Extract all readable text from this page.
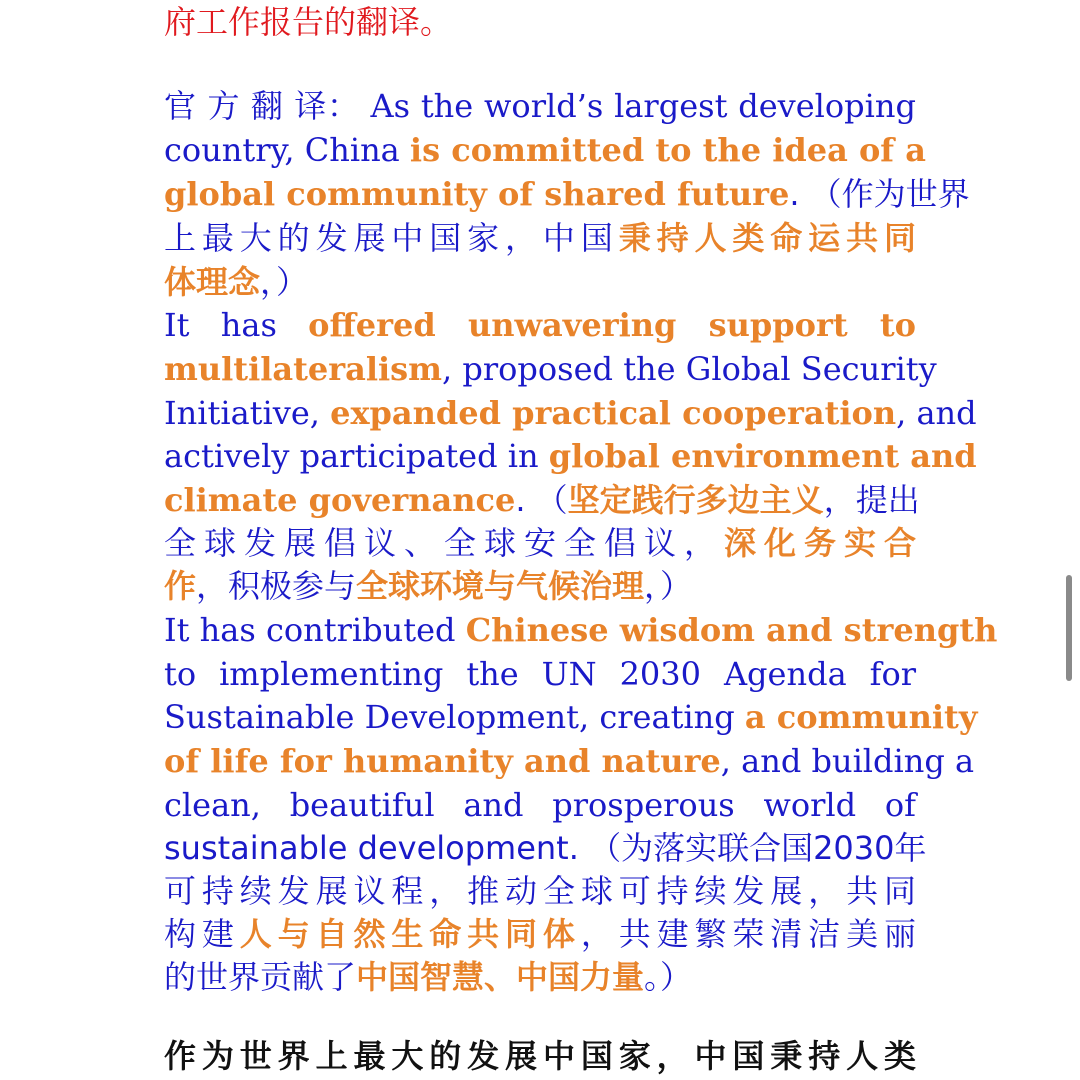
府工作报告的翻译。
官 方 翻 译： As the world’s largest developing
country, China is committed to the idea of a
global community of shared future. （作为世界
上最大的发展中国家，中国秉持人类命运共同
体理念，）
It has offered unwavering support to
multilateralism, proposed the Global Security
Initiative, expanded practical cooperation, and
actively participated in global environment and
climate governance. （坚定践行多边主义，提出
全球发展倡议、全球安全倡议，深化务实合
作，积极参与全球环境与气候治理，）
It has contributed Chinese wisdom and strength
to implementing the UN 2030 Agenda for
Sustainable Development, creating a community
of life for humanity and nature, and building a
clean, beautiful and prosperous world of
sustainable development. （为落实联合国2030年
可持续发展议程，推动全球可持续发展，共同
构建人与自然生命共同体，共建繁荣清洁美丽
的世界贡献了中国智慧、中国力量。）
作为世界上最大的发展中国家，中国秉持人类
